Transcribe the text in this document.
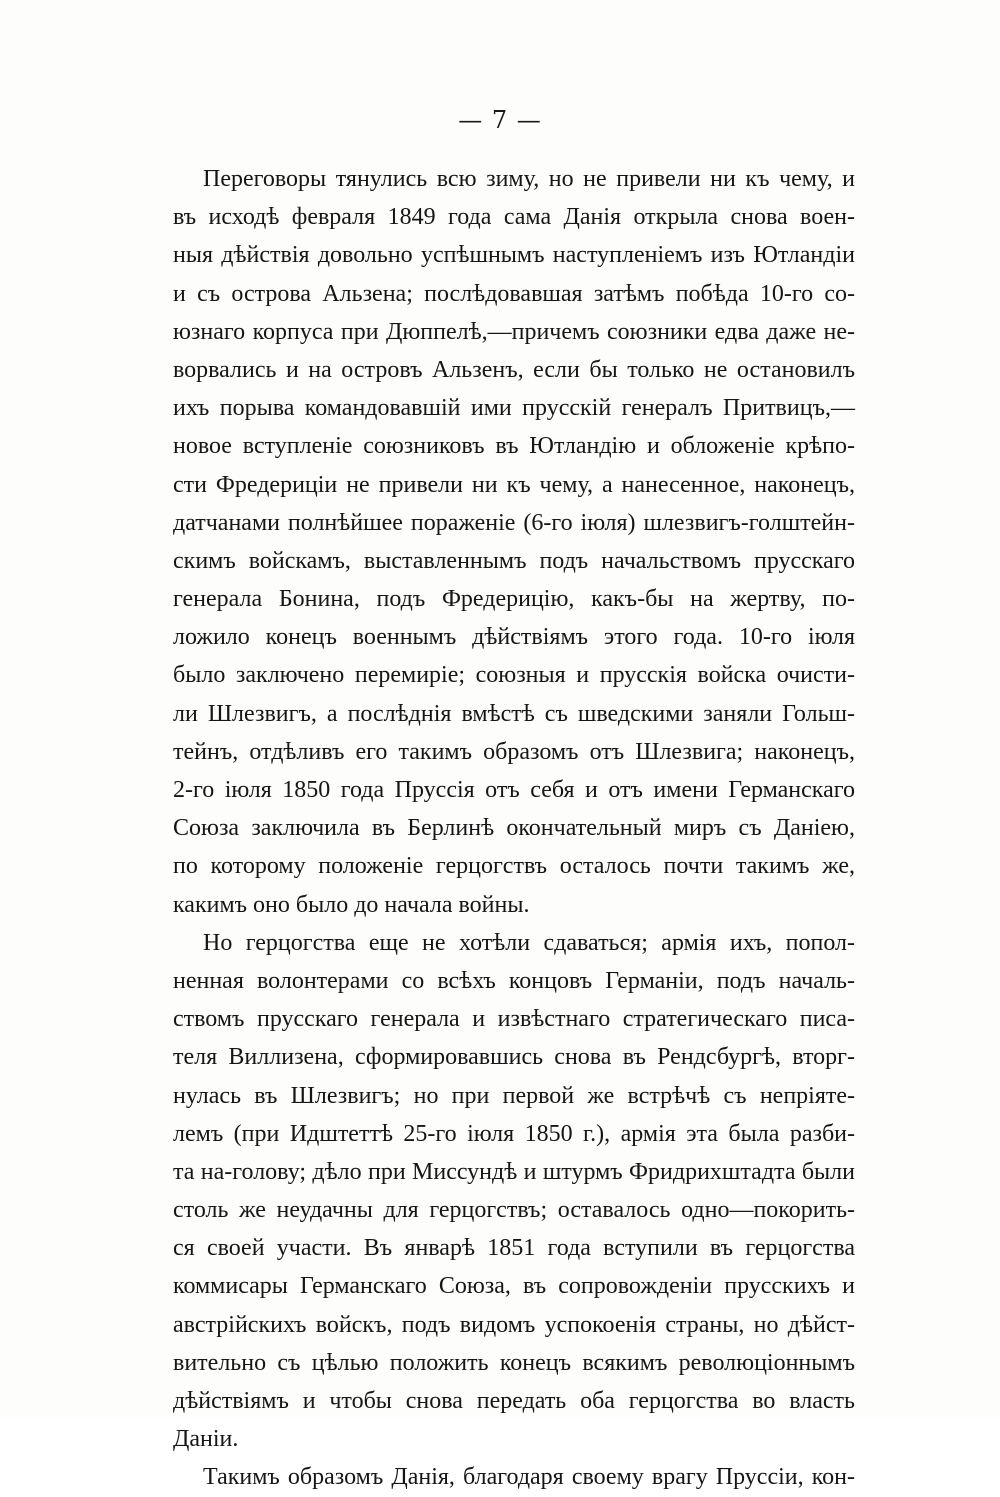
— 7 —
Переговоры тянулись всю зиму, но не привели ни къ чему, и
въ исходѣ февраля 1849 года сама Данія открыла снова воен-
ныя дѣйствія довольно успѣшнымъ наступленіемъ изъ Ютландіи
и съ острова Альзена; послѣдовавшая затѣмъ побѣда 10-го со-
юзнаго корпуса при Дюппелѣ,—причемъ союзники едва даже не-
ворвались и на островъ Альзенъ, если бы только не остановилъ
ихъ порыва командовавшій ими прусскій генералъ Притвицъ,—
новое вступленіе союзниковъ въ Ютландію и обложеніе крѣпо-
сти Фредериціи не привели ни къ чему, а нанесенное, наконецъ,
датчанами полнѣйшее пораженіе (6-го іюля) шлезвигъ-голштейн-
скимъ войскамъ, выставленнымъ подъ начальствомъ прусскаго
генерала Бонина, подъ Фредерицію, какъ-бы на жертву, по-
ложило конецъ военнымъ дѣйствіямъ этого года. 10-го іюля
было заключено перемиріе; союзныя и прусскія войска очисти-
ли Шлезвигъ, а послѣднія вмѣстѣ съ шведскими заняли Гольш-
тейнъ, отдѣливъ его такимъ образомъ отъ Шлезвига; наконецъ,
2-го іюля 1850 года Пруссія отъ себя и отъ имени Германскаго
Союза заключила въ Берлинѣ окончательный миръ съ Даніею,
по которому положеніе герцогствъ осталось почти такимъ же,
какимъ оно было до начала войны.
Но герцогства еще не хотѣли сдаваться; армія ихъ, попол-
ненная волонтерами со всѣхъ концовъ Германіи, подъ началь-
ствомъ прусскаго генерала и извѣстнаго стратегическаго писа-
теля Виллизена, сформировавшись снова въ Рендсбургѣ, вторг-
нулась въ Шлезвигъ; но при первой же встрѣчѣ съ непріяте-
лемъ (при Идштеттѣ 25-го іюля 1850 г.), армія эта была разби-
та на-голову; дѣло при Миссундѣ и штурмъ Фридрихштадта были
столь же неудачны для герцогствъ; оставалось одно—покорить-
ся своей участи. Въ январѣ 1851 года вступили въ герцогства
коммисары Германскаго Союза, въ сопровожденіи прусскихъ и
австрійскихъ войскъ, подъ видомъ успокоенія страны, но дѣйст-
вительно съ цѣлью положить конецъ всякимъ революціоннымъ
дѣйствіямъ и чтобы снова передать оба герцогства во власть
Даніи.
Такимъ образомъ Данія, благодаря своему врагу Пруссіи, кон-
